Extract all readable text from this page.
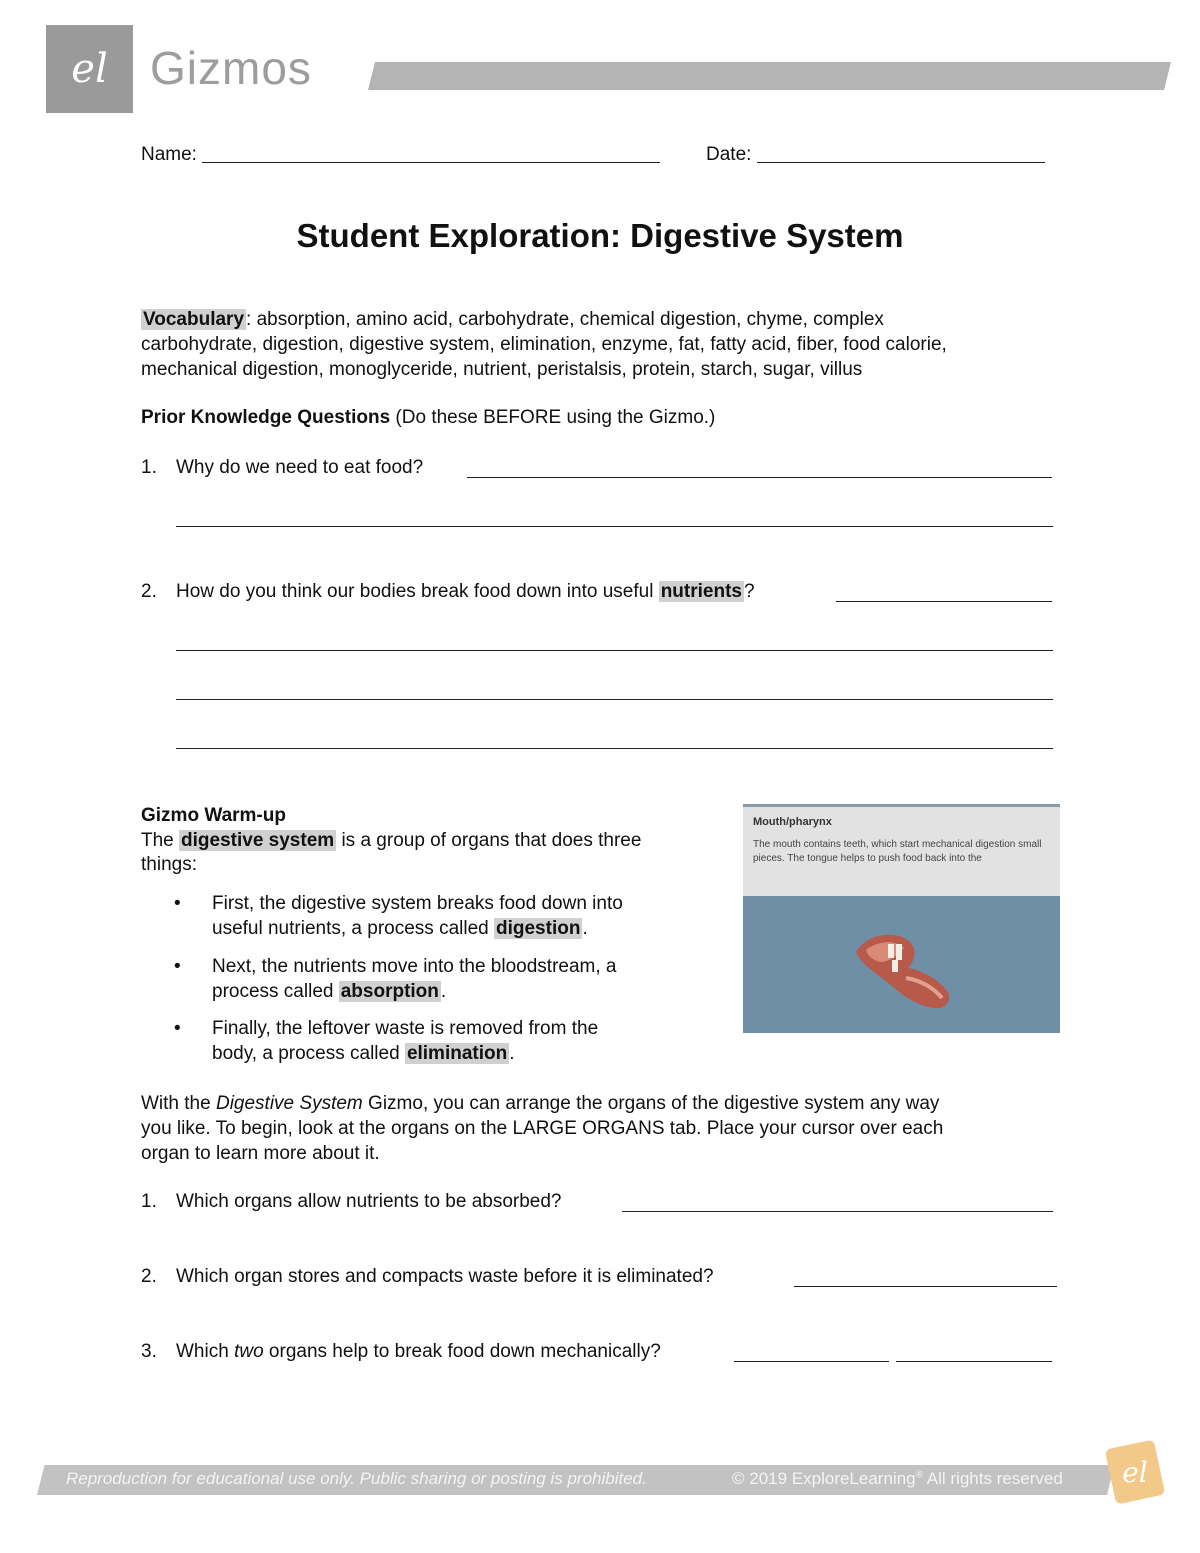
el Gizmos
Name:	Date:
Student Exploration: Digestive System
Vocabulary : absorption, amino acid, carbohydrate, chemical digestion, chyme, complex
carbohydrate, digestion, digestive system, elimination, enzyme, fat, fatty acid, fiber, food calorie,
mechanical digestion, monoglyceride, nutrient, peristalsis, protein, starch, sugar, villus
Prior Knowledge Questions (Do these BEFORE using the Gizmo.)
1. Why do we need to eat food?
2. How do you think our bodies break food down into useful nutrients ?
Gizmo Warm-up
The digestive system is a group of organs that does three
things:
• First, the digestive system breaks food down into
useful nutrients, a process called digestion .
• Next, the nutrients move into the bloodstream, a
process called absorption .
• Finally, the leftover waste is removed from the
body, a process called elimination .
Mouth/pharynx
The mouth contains teeth, which start mechanical digestion small pieces. The tongue helps to push food back into the
With the Digestive System Gizmo, you can arrange the organs of the digestive system any way
you like. To begin, look at the organs on the LARGE ORGANS tab. Place your cursor over each
organ to learn more about it.
1. Which organs allow nutrients to be absorbed?
2. Which organ stores and compacts waste before it is eliminated?
3. Which two organs help to break food down mechanically?
Reproduction for educational use only. Public sharing or posting is prohibited.	© 2019 ExploreLearning® All rights reserved el
